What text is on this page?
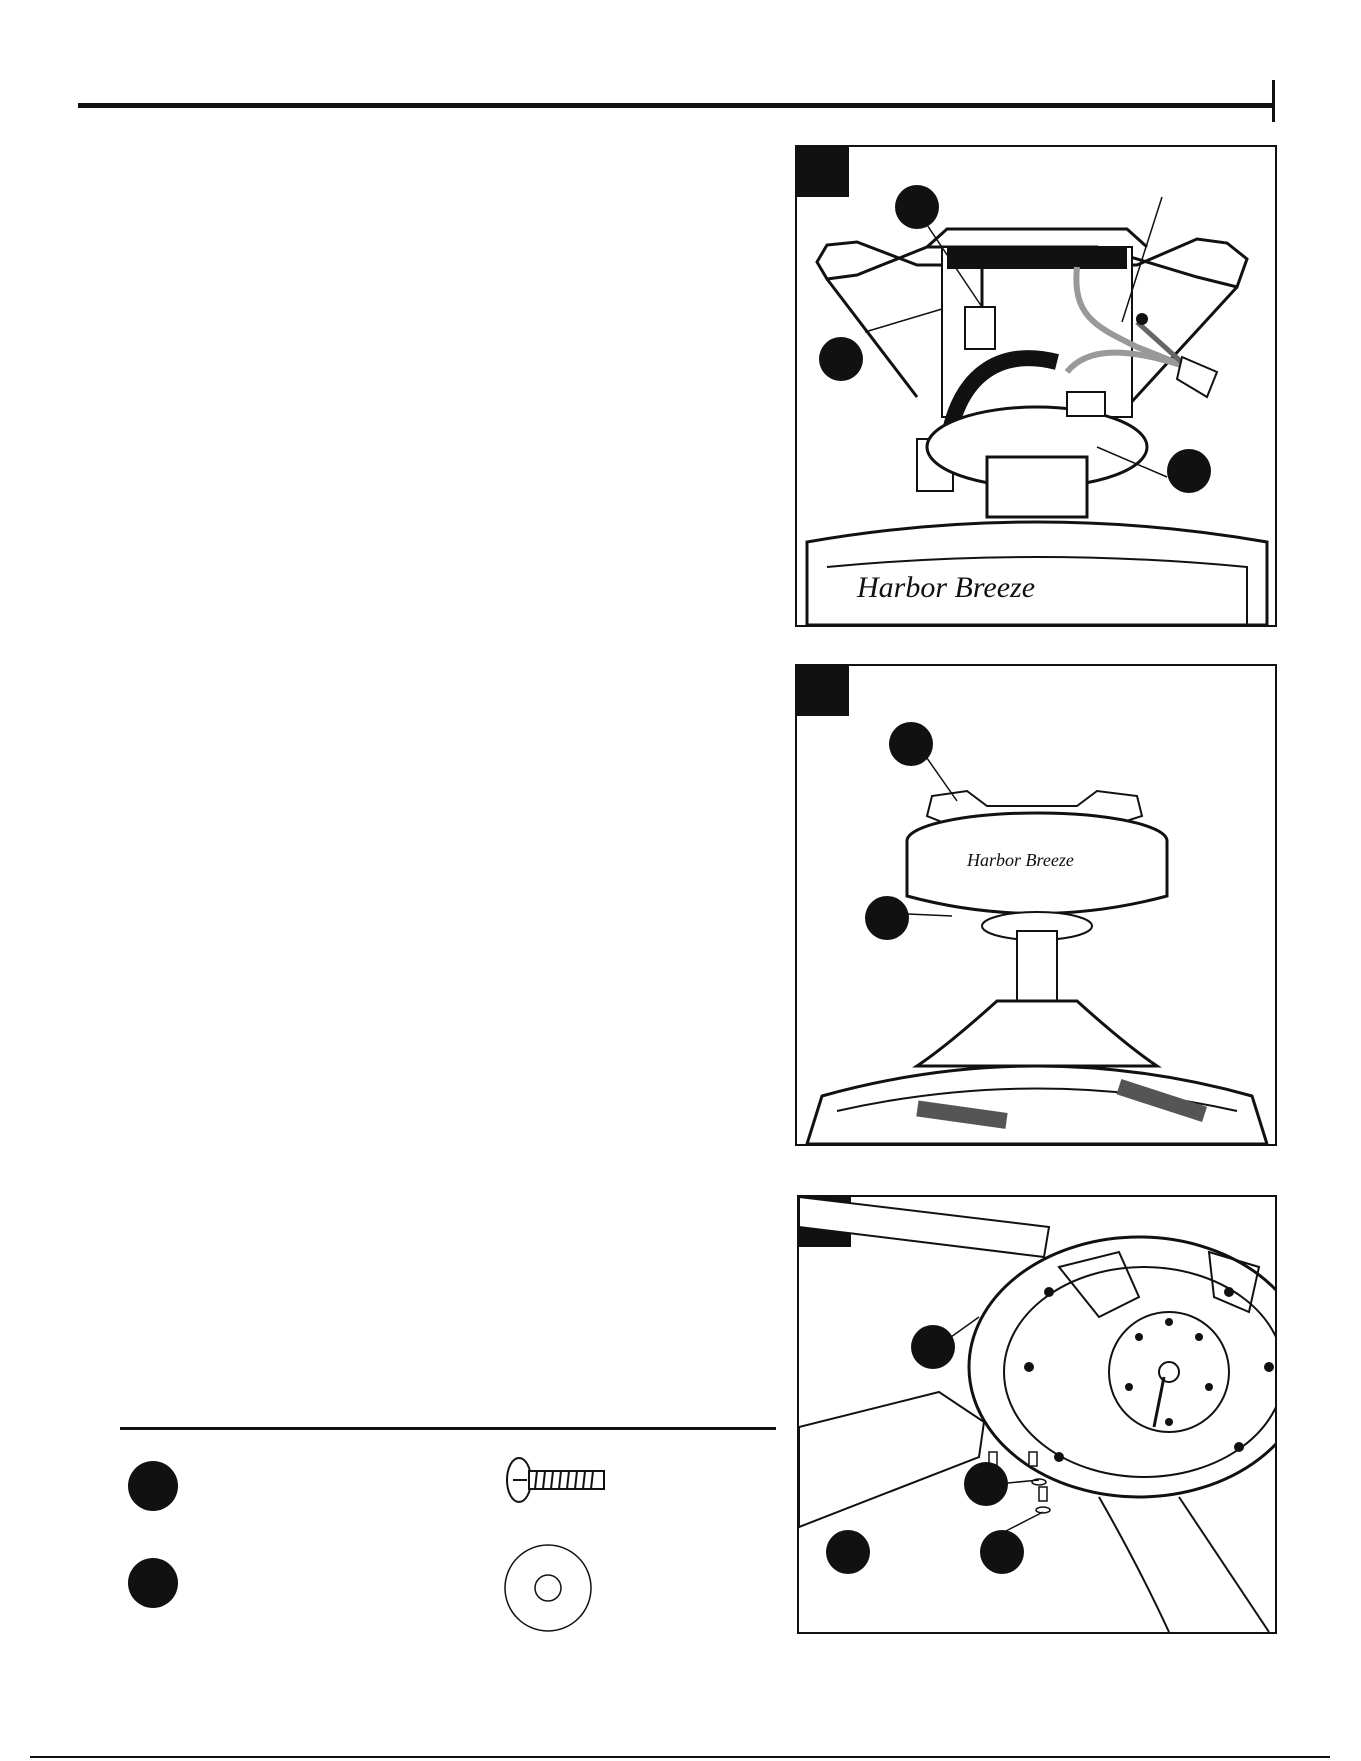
Harbor Breeze
Harbor Breeze
